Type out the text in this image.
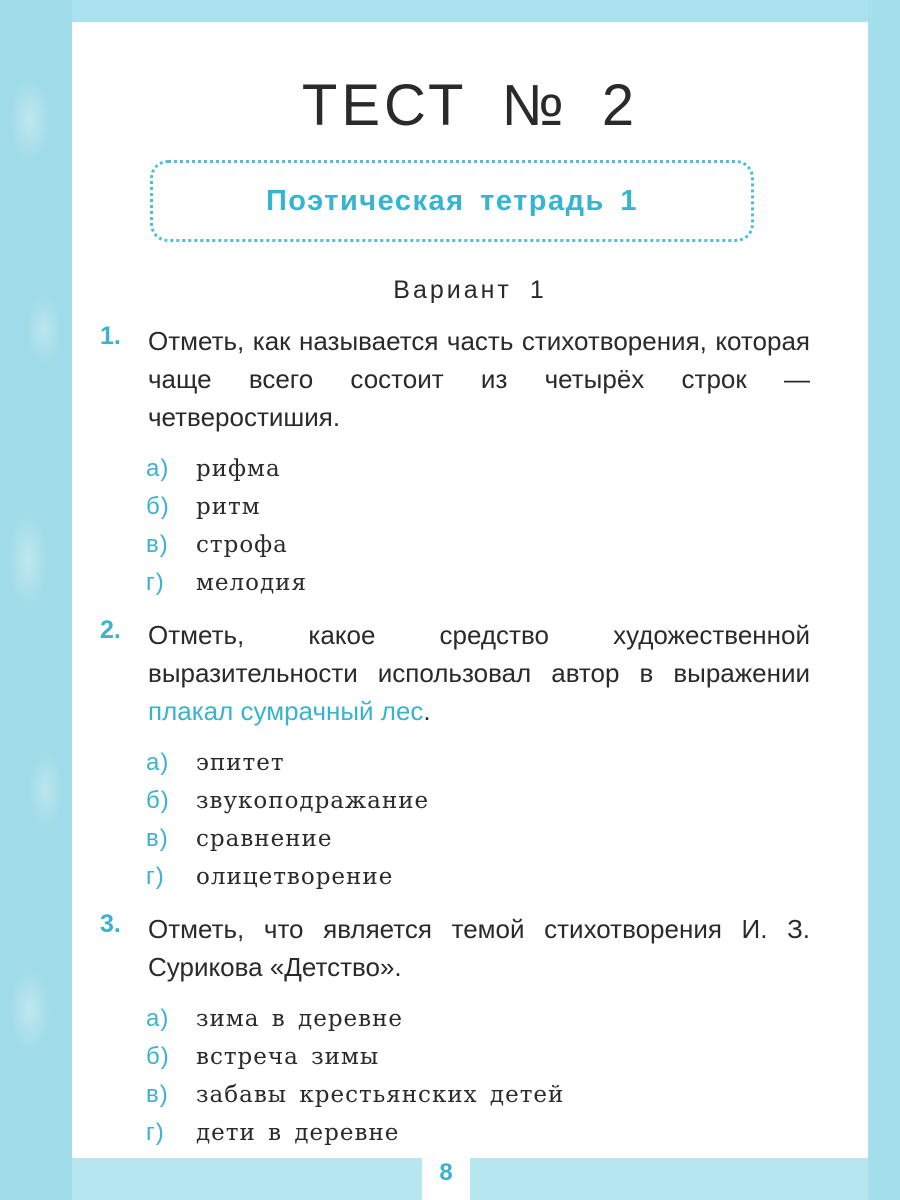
8
ТЕСТ № 2
Поэтическая тетрадь 1
Вариант 1
1. Отметь, как называется часть стихотворения, которая чаще всего состоит из четырёх строк — четверостишия.
а) рифма
б) ритм
в) строфа
г) мелодия
2. Отметь, какое средство художественной выразительности использовал автор в выражении плакал сумрачный лес.
а) эпитет
б) звукоподражание
в) сравнение
г) олицетворение
3. Отметь, что является темой стихотворения И. З. Сурикова «Детство».
а) зима в деревне
б) встреча зимы
в) забавы крестьянских детей
г) дети в деревне
